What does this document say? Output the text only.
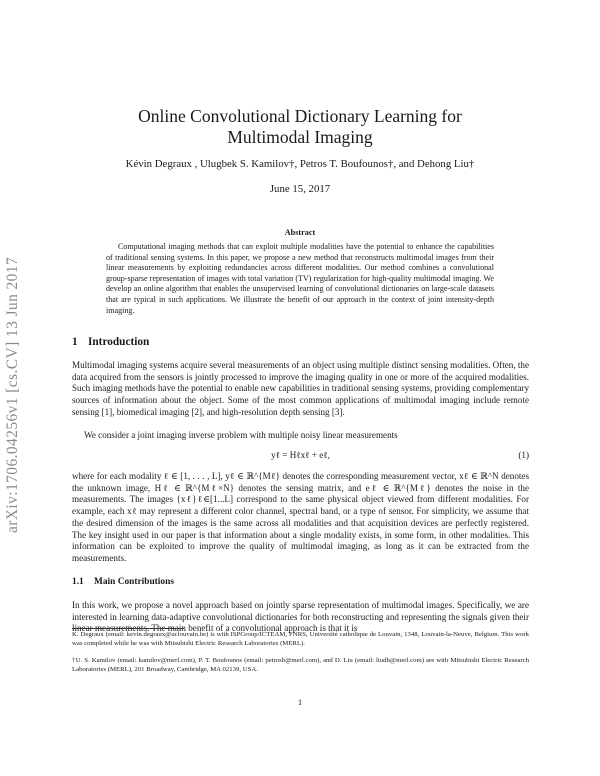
arXiv:1706.04256v1 [cs.CV] 13 Jun 2017
Online Convolutional Dictionary Learning for
Multimodal Imaging
Kévin Degraux , Ulugbek S. Kamilov†, Petros T. Boufounos†, and Dehong Liu†
June 15, 2017
Abstract

Computational imaging methods that can exploit multiple modalities have the potential to enhance the capabilities of traditional sensing systems. In this paper, we propose a new method that reconstructs multimodal images from their linear measurements by exploiting redundancies across different modalities. Our method combines a convolutional group-sparse representation of images with total variation (TV) regularization for high-quality multimodal imaging. We develop an online algorithm that enables the unsupervised learning of convolutional dictionaries on large-scale datasets that are typical in such applications. We illustrate the benefit of our approach in the context of joint intensity-depth imaging.

1 Introduction

Multimodal imaging systems acquire several measurements of an object using multiple distinct sensing modalities. Often, the data acquired from the sensors is jointly processed to improve the imaging quality in one or more of the acquired modalities. Such imaging methods have the potential to enable new capabilities in traditional sensing systems, providing complementary sources of information about the object. Some of the most common applications of multimodal imaging include remote sensing [1], biomedical imaging [2], and high-resolution depth sensing [3].

We consider a joint imaging inverse problem with multiple noisy linear measurements

yℓ = Hℓxℓ + eℓ,	(1)

where for each modality ℓ ∈ [1, . . . , L], yℓ ∈ ℝ^{Mℓ} denotes the corresponding measurement vector, xℓ ∈ ℝ^N denotes the unknown image, Hℓ ∈ ℝ^{Mℓ×N} denotes the sensing matrix, and eℓ ∈ ℝ^{Mℓ} denotes the noise in the measurements. The images {xℓ}ℓ∈[1...L] correspond to the same physical object viewed from different modalities. For example, each xℓ may represent a different color channel, spectral band, or a type of sensor. For simplicity, we assume that the desired dimension of the images is the same across all modalities and that acquisition devices are perfectly registered. The key insight used in our paper is that information about a single modality exists, in some form, in other modalities. This information can be exploited to improve the quality of multimodal imaging, as long as it can be extracted from the measurements.

1.1 Main Contributions

In this work, we propose a novel approach based on jointly sparse representation of multimodal images. Specifically, we are interested in learning data-adaptive convolutional dictionaries for both reconstructing and representing the signals given their linear measurements. The main benefit of a convolutional approach is that it is

K. Degraux (email: kevin.degraux@uclouvain.be) is with ISPGroup/ICTEAM, FNRS, Université catholique de Louvain, 1348, Louvain-la-Neuve, Belgium. This work was completed while he was with Mitsubishi Electric Research Laboratories (MERL).

†U. S. Kamilov (email: kamilov@merl.com), P. T. Boufounos (email: petrosb@merl.com), and D. Liu (email: liudh@merl.com) are with Mitsubishi Electric Research Laboratories (MERL), 201 Broadway, Cambridge, MA 02139, USA.

1
